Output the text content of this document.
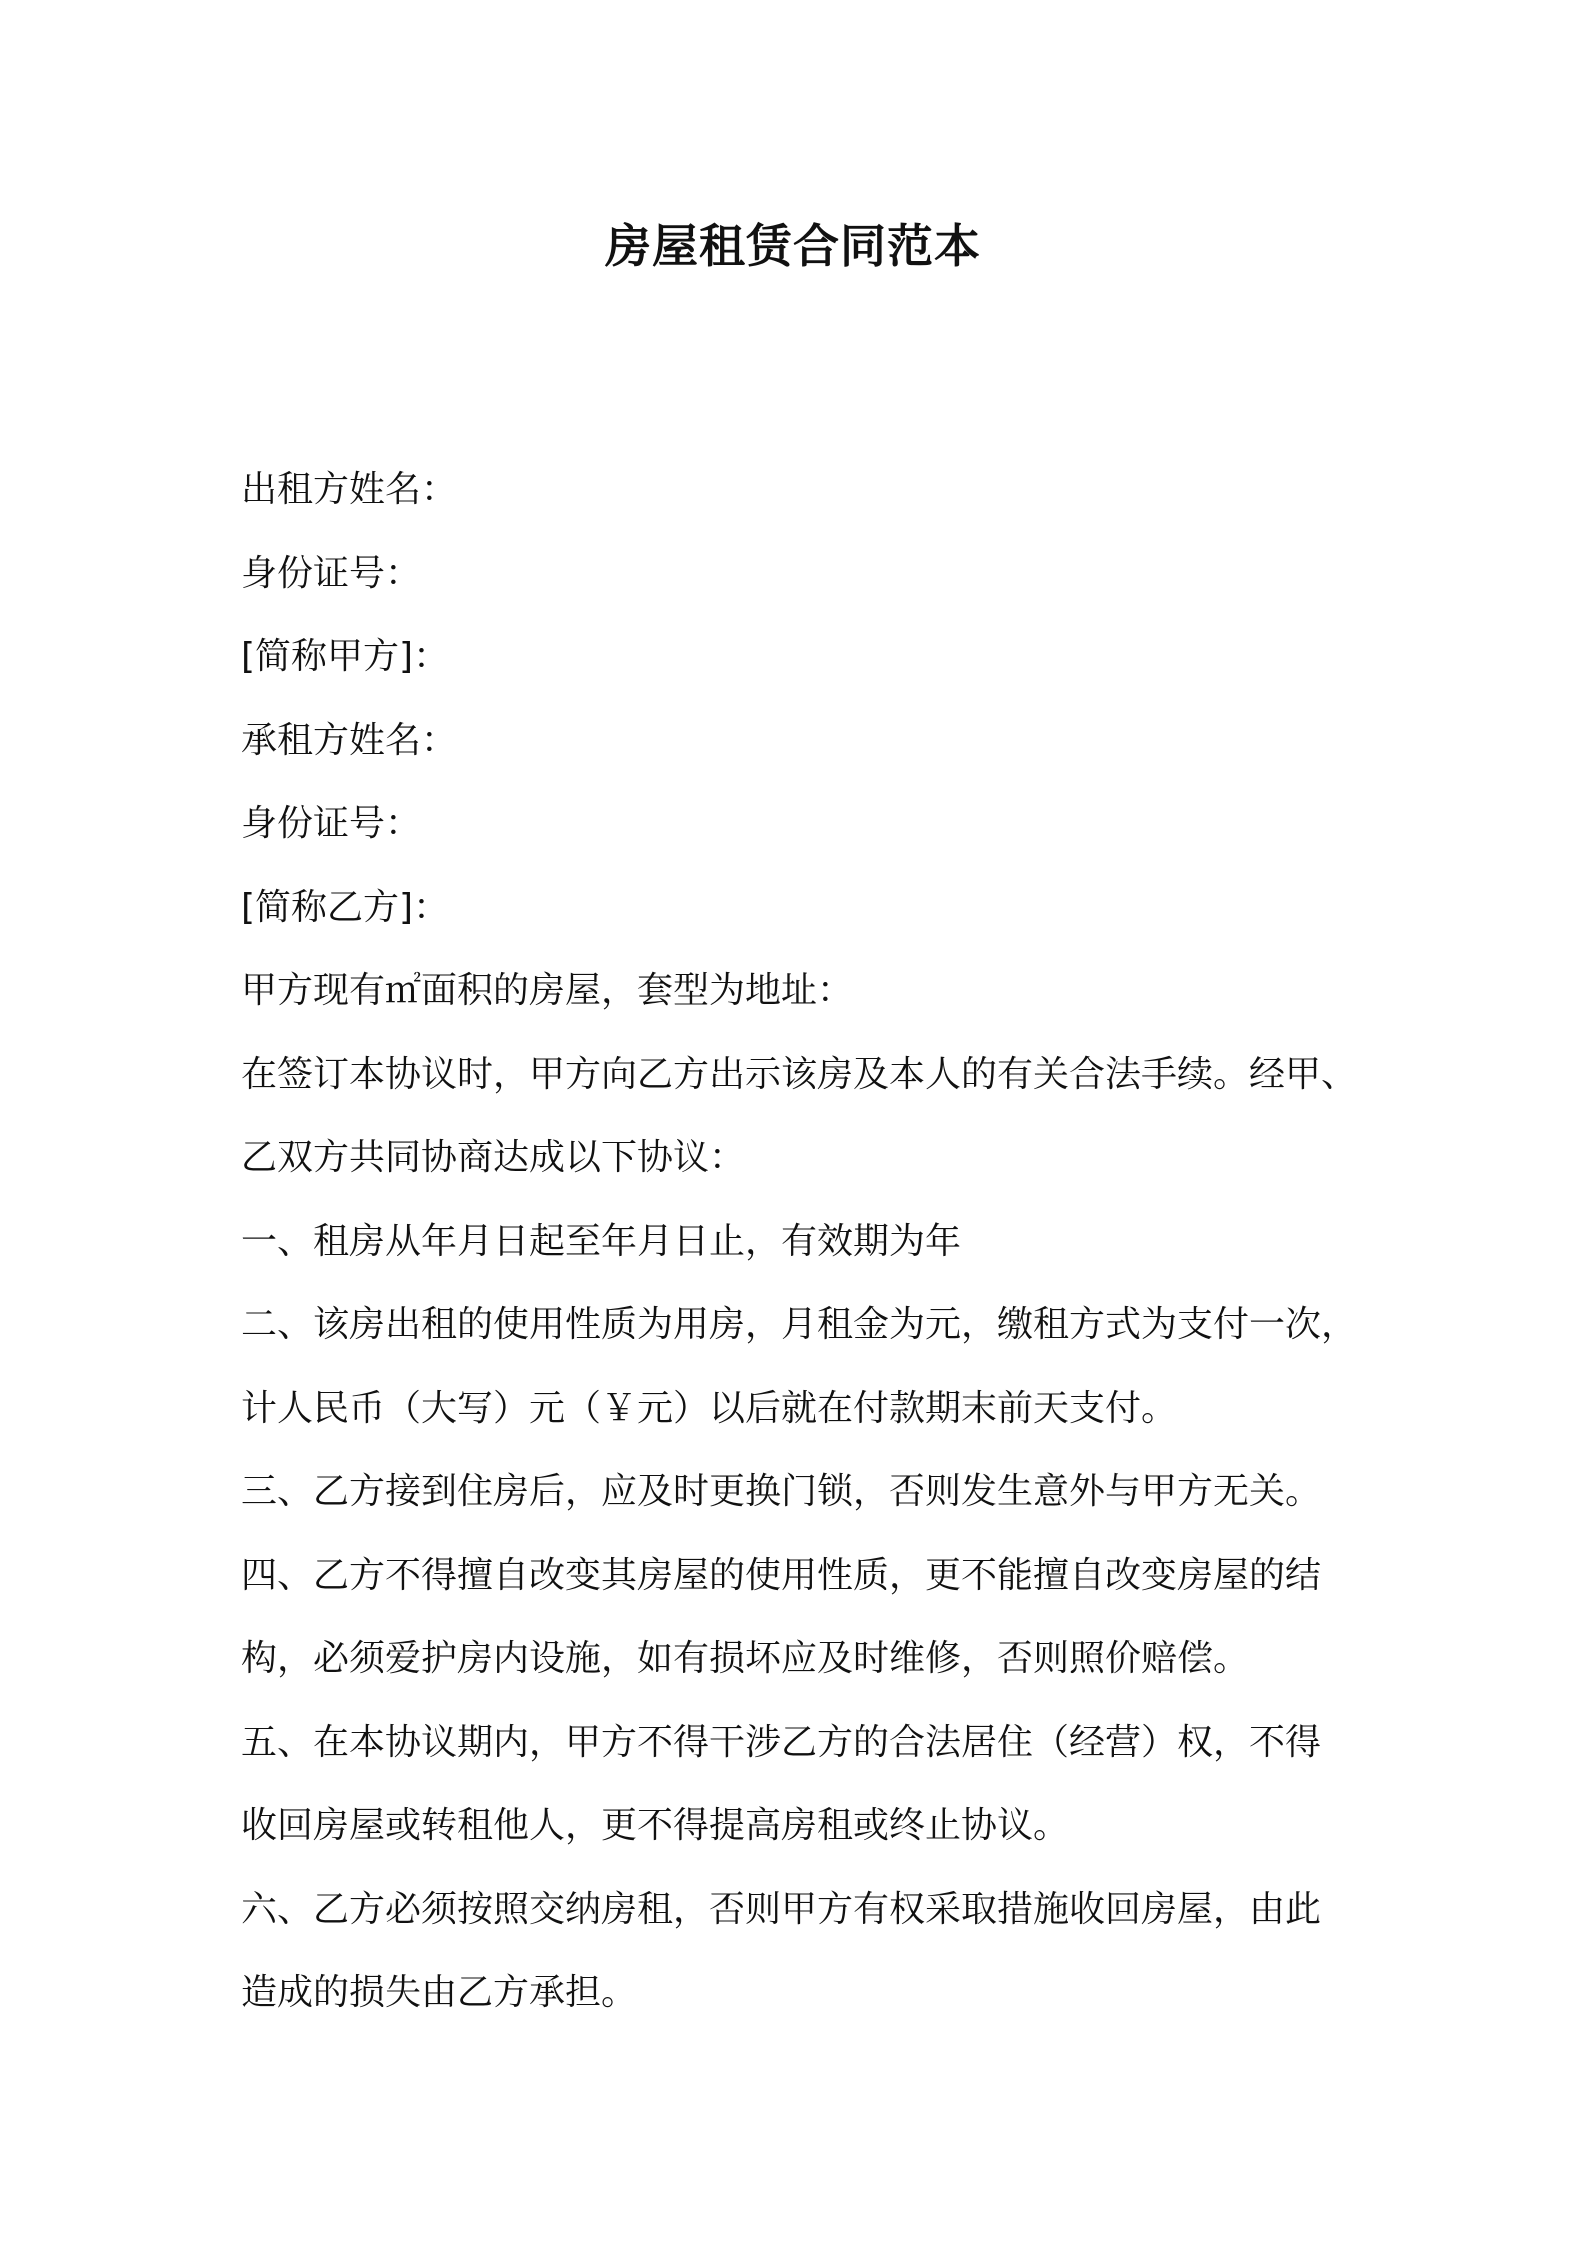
房屋租赁合同范本
出租方姓名：
身份证号：
[简称甲方]：
承租方姓名：
身份证号：
[简称乙方]：
甲方现有㎡面积的房屋，套型为地址：
在签订本协议时，甲方向乙方出示该房及本人的有关合法手续。经甲、
乙双方共同协商达成以下协议：
一、租房从年月日起至年月日止，有效期为年
二、该房出租的使用性质为用房，月租金为元，缴租方式为支付一次，
计人民币（大写）元（￥元）以后就在付款期末前天支付。
三、乙方接到住房后，应及时更换门锁，否则发生意外与甲方无关。
四、乙方不得擅自改变其房屋的使用性质，更不能擅自改变房屋的结
构，必须爱护房内设施，如有损坏应及时维修，否则照价赔偿。
五、在本协议期内，甲方不得干涉乙方的合法居住（经营）权，不得
收回房屋或转租他人，更不得提高房租或终止协议。
六、乙方必须按照交纳房租，否则甲方有权采取措施收回房屋，由此
造成的损失由乙方承担。
